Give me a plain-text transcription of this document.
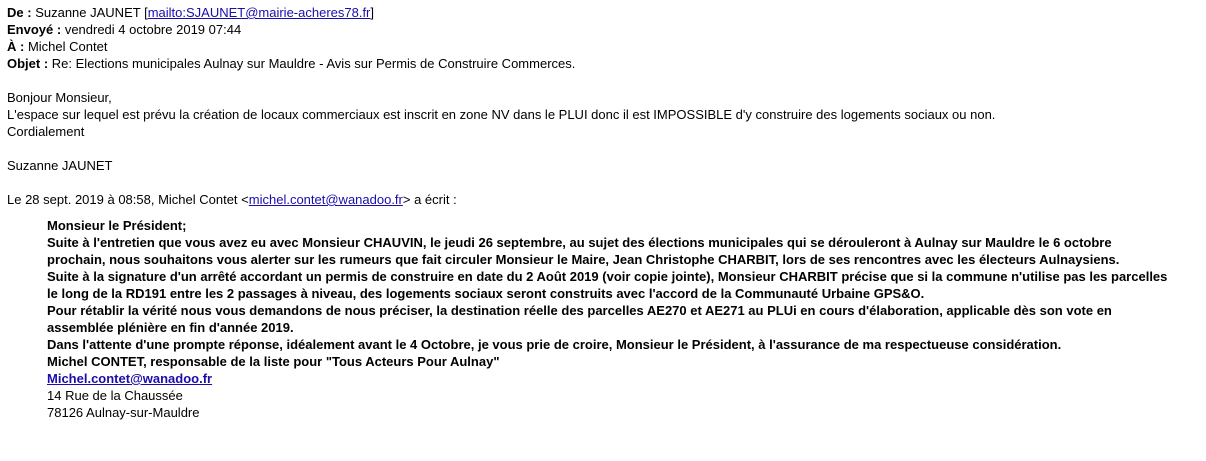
De : Suzanne JAUNET [mailto:SJAUNET@mairie-acheres78.fr]
Envoyé : vendredi 4 octobre 2019 07:44
À : Michel Contet
Objet : Re: Elections municipales Aulnay sur Mauldre - Avis sur Permis de Construire Commerces.
Bonjour Monsieur,
L'espace sur lequel est prévu la création de locaux commerciaux est inscrit en zone NV dans le PLUI donc il est IMPOSSIBLE d'y construire des logements sociaux ou non.
Cordialement
Suzanne JAUNET
Le 28 sept. 2019 à 08:58, Michel Contet <michel.contet@wanadoo.fr> a écrit :
Monsieur le Président;
Suite à l'entretien que vous avez eu avec Monsieur CHAUVIN, le jeudi 26 septembre, au sujet des élections municipales qui se dérouleront à Aulnay sur Mauldre le 6 octobre
prochain, nous souhaitons vous alerter sur les rumeurs que fait circuler Monsieur le Maire, Jean Christophe CHARBIT, lors de ses rencontres avec les électeurs Aulnaysiens.
Suite à la signature d'un arrêté accordant un permis de construire en date du 2 Août 2019 (voir copie jointe), Monsieur CHARBIT précise que si la commune n'utilise pas les parcelles
le long de la RD191 entre les 2 passages à niveau, des logements sociaux seront construits avec l'accord de la Communauté Urbaine GPS&O.
Pour rétablir la vérité nous vous demandons de nous préciser, la destination réelle des parcelles AE270 et AE271 au PLUi en cours d'élaboration, applicable dès son vote en
assemblée plénière en fin d'année 2019.
Dans l'attente d'une prompte réponse, idéalement avant le 4 Octobre, je vous prie de croire, Monsieur le Président, à l'assurance de ma respectueuse considération.
Michel CONTET, responsable de la liste pour "Tous Acteurs Pour Aulnay"
Michel.contet@wanadoo.fr
14 Rue de la Chaussée
78126 Aulnay-sur-Mauldre
